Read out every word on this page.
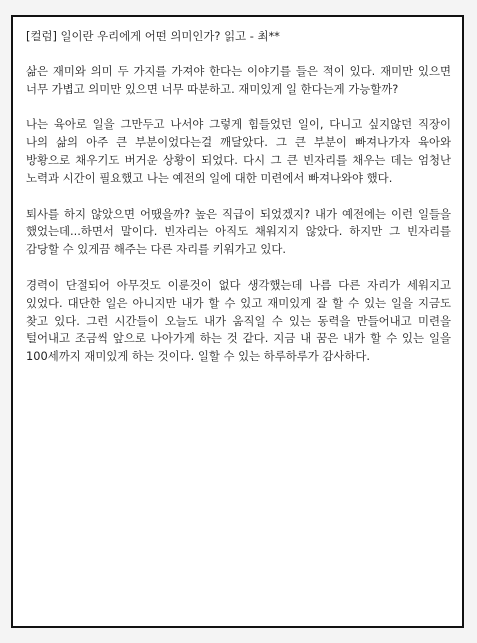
[컬럼] 일이란 우리에게 어떤 의미인가? 읽고 - 최**

삶은 재미와 의미 두 가지를 가져야 한다는 이야기를 들은 적이 있다. 재미만 있으면 너무 가볍고 의미만 있으면 너무 따분하고. 재미있게 일 한다는게 가능할까?

나는 육아로 일을 그만두고 나서야 그렇게 힘들었던 일이, 다니고 싶지않던 직장이 나의 삶의 아주 큰 부분이었다는걸 깨달았다. 그 큰 부분이 빠져나가자 육아와 방황으로 채우기도 버거운 상황이 되었다. 다시 그 큰 빈자리를 채우는 데는 엄청난 노력과 시간이 필요했고 나는 예전의 일에 대한 미련에서 빠져나와야 했다.

퇴사를 하지 않았으면 어땠을까? 높은 직급이 되었겠지? 내가 예전에는 이런 일들을 했었는데...하면서 말이다. 빈자리는 아직도 채워지지 않았다. 하지만 그 빈자리를 감당할 수 있게끔 해주는 다른 자리를 키워가고 있다.

경력이 단절되어 아무것도 이룬것이 없다 생각했는데 나름 다른 자리가 세워지고 있었다. 대단한 일은 아니지만 내가 할 수 있고 재미있게 잘 할 수 있는 일을 지금도 찾고 있다. 그런 시간들이 오늘도 내가 움직일 수 있는 동력을 만들어내고 미련을 털어내고 조금씩 앞으로 나아가게 하는 것 같다. 지금 내 꿈은 내가 할 수 있는 일을 100세까지 재미있게 하는 것이다. 일할 수 있는 하루하루가 감사하다.
